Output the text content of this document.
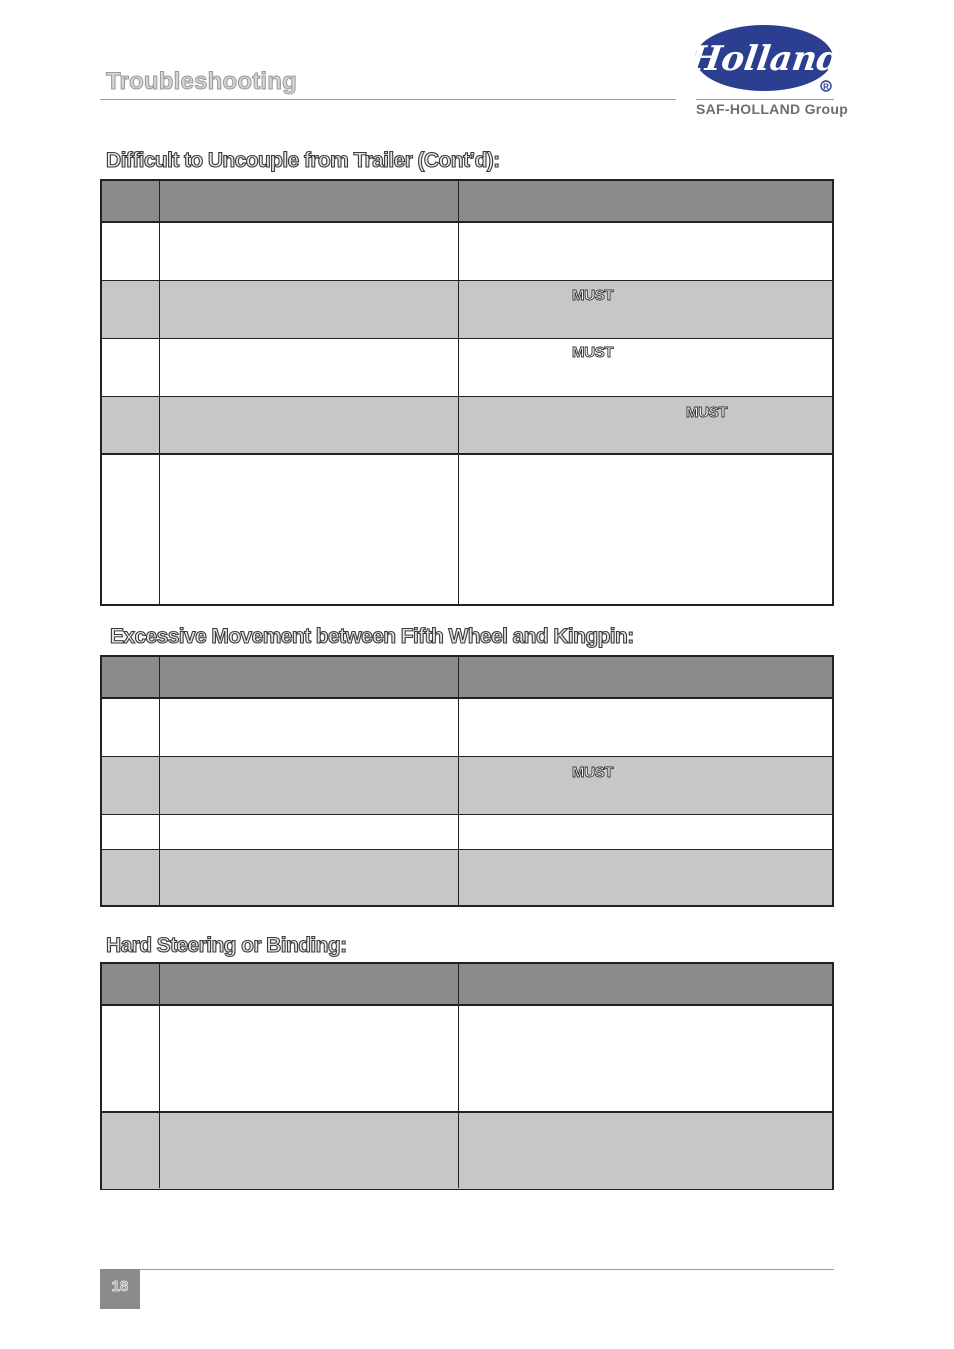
Troubleshooting
Holland
R
SAF-HOLLAND Group
Difficult to Uncouple from Trailer (Cont’d):
MUST
MUST
MUST
Excessive Movement between Fifth Wheel and Kingpin:
MUST
Hard Steering or Binding:
18
